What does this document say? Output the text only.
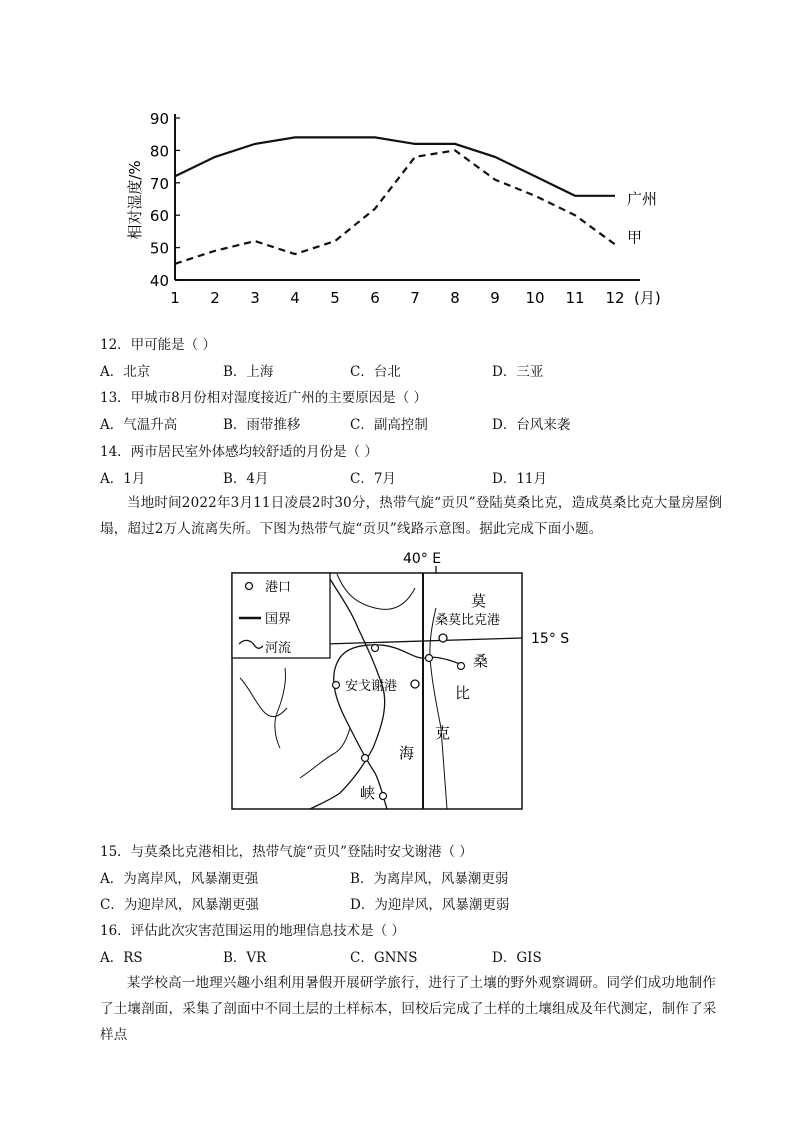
40
50
60
70
80
90
1 2 3 4 5 6 7 8 9 10 11 12
相对湿度/%
(月)
广州
甲
12．甲可能是（ ）
A．北京	B．上海	C．台北	D．三亚
13．甲城市8月份相对湿度接近广州的主要原因是（ ）
A．气温升高	B．雨带推移	C．副高控制	D．台风来袭
14．两市居民室外体感均较舒适的月份是（ ）
A．1月	B．4月	C．7月	D．11月
当地时间2022年3月11日凌晨2时30分，热带气旋“贡贝”登陆莫桑比克，造成莫桑比克大量房屋倒塌，超过2万人流离失所。下图为热带气旋“贡贝”线路示意图。据此完成下面小题。
港口
国界
河流
40° E
15° S
莫
桑
比
克
桑莫比克港
安戈谢港
海
峡
15．与莫桑比克港相比，热带气旋“贡贝”登陆时安戈谢港（ ）
A．为离岸风，风暴潮更强	B．为离岸风，风暴潮更弱
C．为迎岸风，风暴潮更强	D．为迎岸风，风暴潮更弱
16．评估此次灾害范围运用的地理信息技术是（ ）
A．RS	B．VR	C．GNNS	D．GIS
某学校高一地理兴趣小组利用暑假开展研学旅行，进行了土壤的野外观察调研。同学们成功地制作了土壤剖面，采集了剖面中不同土层的土样标本，回校后完成了土样的土壤组成及年代测定，制作了采样点
